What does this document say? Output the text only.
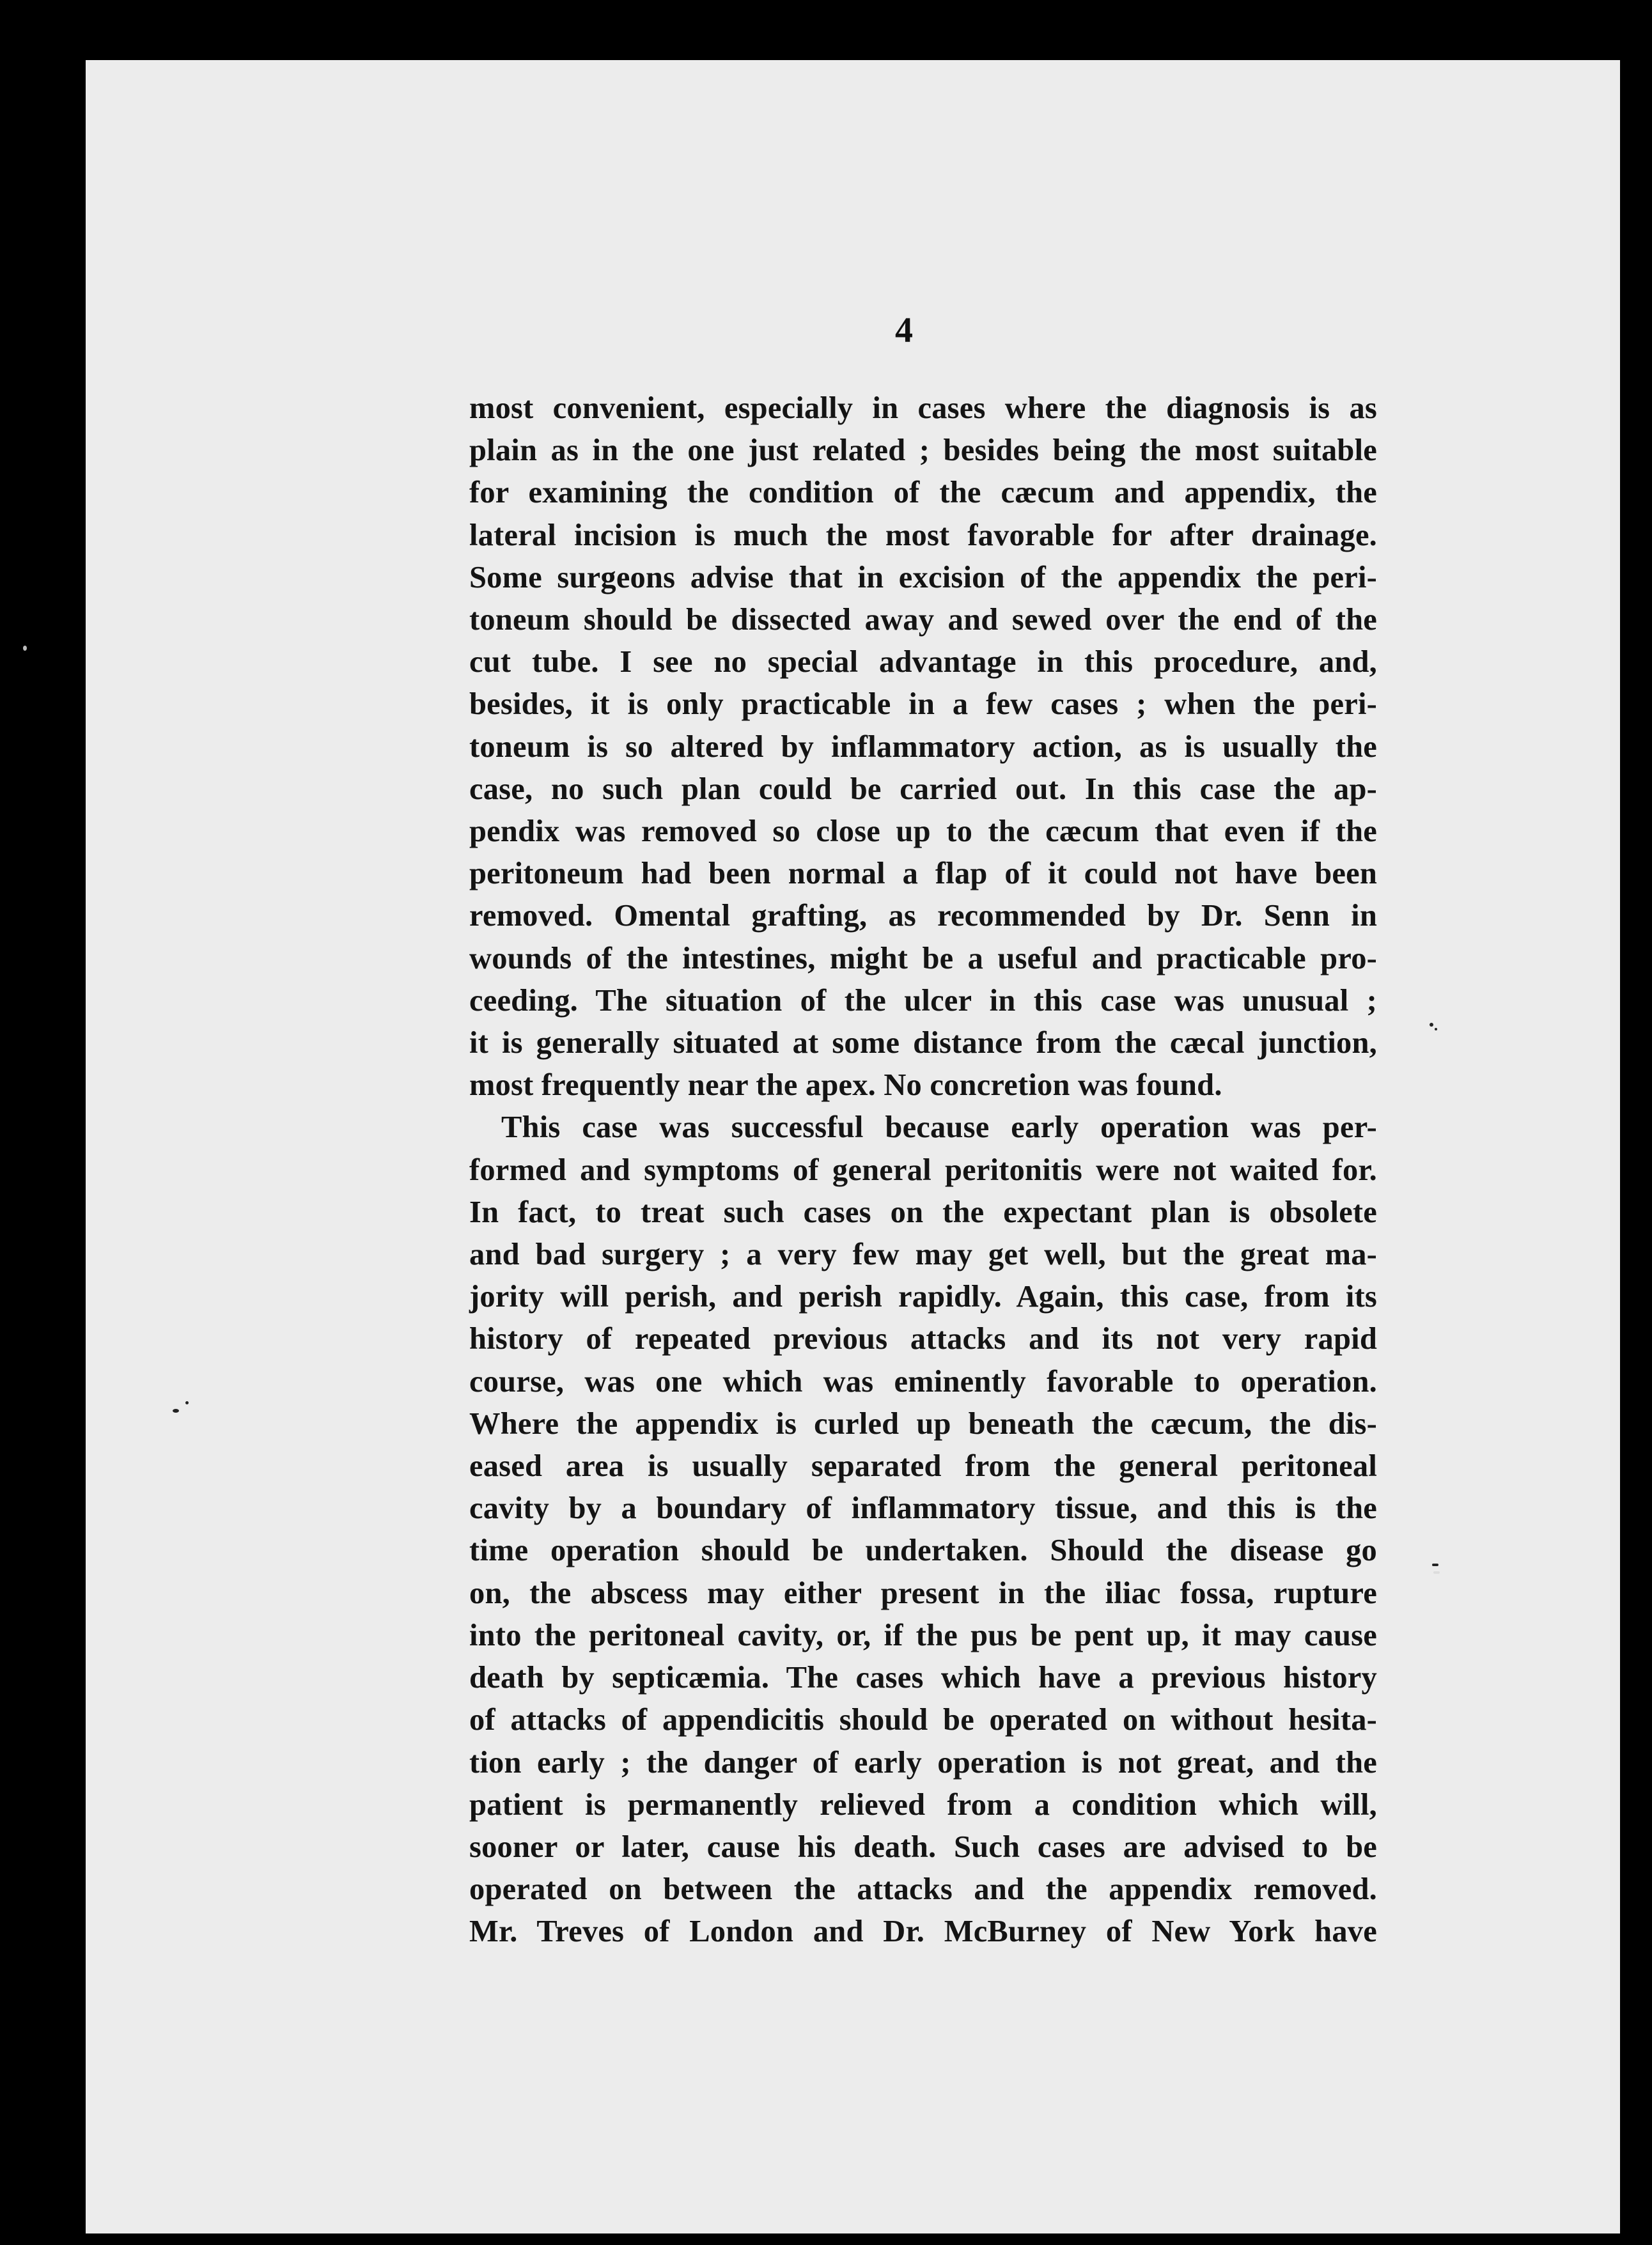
4
most convenient, especially in cases where the diagnosis is as
plain as in the one just related ; besides being the most suitable
for examining the condition of the cæcum and appendix, the
lateral incision is much the most favorable for after drainage.
Some surgeons advise that in excision of the appendix the peri-
toneum should be dissected away and sewed over the end of the
cut tube. I see no special advantage in this procedure, and,
besides, it is only practicable in a few cases ; when the peri-
toneum is so altered by inflammatory action, as is usually the
case, no such plan could be carried out. In this case the ap-
pendix was removed so close up to the cæcum that even if the
peritoneum had been normal a flap of it could not have been
removed. Omental grafting, as recommended by Dr. Senn in
wounds of the intestines, might be a useful and practicable pro-
ceeding. The situation of the ulcer in this case was unusual ;
it is generally situated at some distance from the cæcal junction,
most frequently near the apex. No concretion was found.
This case was successful because early operation was per-
formed and symptoms of general peritonitis were not waited for.
In fact, to treat such cases on the expectant plan is obsolete
and bad surgery ; a very few may get well, but the great ma-
jority will perish, and perish rapidly. Again, this case, from its
history of repeated previous attacks and its not very rapid
course, was one which was eminently favorable to operation.
Where the appendix is curled up beneath the cæcum, the dis-
eased area is usually separated from the general peritoneal
cavity by a boundary of inflammatory tissue, and this is the
time operation should be undertaken. Should the disease go
on, the abscess may either present in the iliac fossa, rupture
into the peritoneal cavity, or, if the pus be pent up, it may cause
death by septicæmia. The cases which have a previous history
of attacks of appendicitis should be operated on without hesita-
tion early ; the danger of early operation is not great, and the
patient is permanently relieved from a condition which will,
sooner or later, cause his death. Such cases are advised to be
operated on between the attacks and the appendix removed.
Mr. Treves of London and Dr. McBurney of New York have
